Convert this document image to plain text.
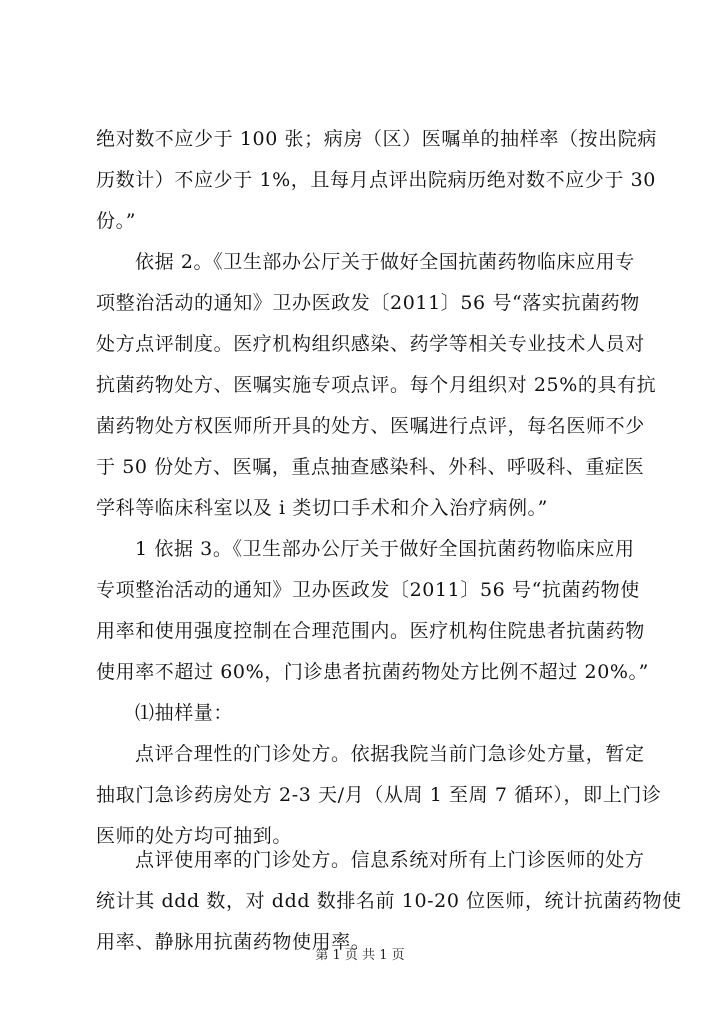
绝对数不应少于 100 张；病房（区）医嘱单的抽样率（按出院病
历数计）不应少于 1%，且每月点评出院病历绝对数不应少于 30
份。”
依据 2。《卫生部办公厅关于做好全国抗菌药物临床应用专
项整治活动的通知》卫办医政发〔2011〕56 号“落实抗菌药物
处方点评制度。医疗机构组织感染、药学等相关专业技术人员对
抗菌药物处方、医嘱实施专项点评。每个月组织对 25%的具有抗
菌药物处方权医师所开具的处方、医嘱进行点评，每名医师不少
于 50 份处方、医嘱，重点抽查感染科、外科、呼吸科、重症医
学科等临床科室以及 i 类切口手术和介入治疗病例。”
1 依据 3。《卫生部办公厅关于做好全国抗菌药物临床应用
专项整治活动的通知》卫办医政发〔2011〕56 号“抗菌药物使
用率和使用强度控制在合理范围内。医疗机构住院患者抗菌药物
使用率不超过 60%，门诊患者抗菌药物处方比例不超过 20%。”
⑴抽样量：
点评合理性的门诊处方。依据我院当前门急诊处方量，暂定
抽取门急诊药房处方 2-3 天/月（从周 1 至周 7 循环），即上门诊
医师的处方均可抽到。
点评使用率的门诊处方。信息系统对所有上门诊医师的处方
统计其 ddd 数，对 ddd 数排名前 10-20 位医师，统计抗菌药物使
用率、静脉用抗菌药物使用率。
第 1 页 共 1 页
